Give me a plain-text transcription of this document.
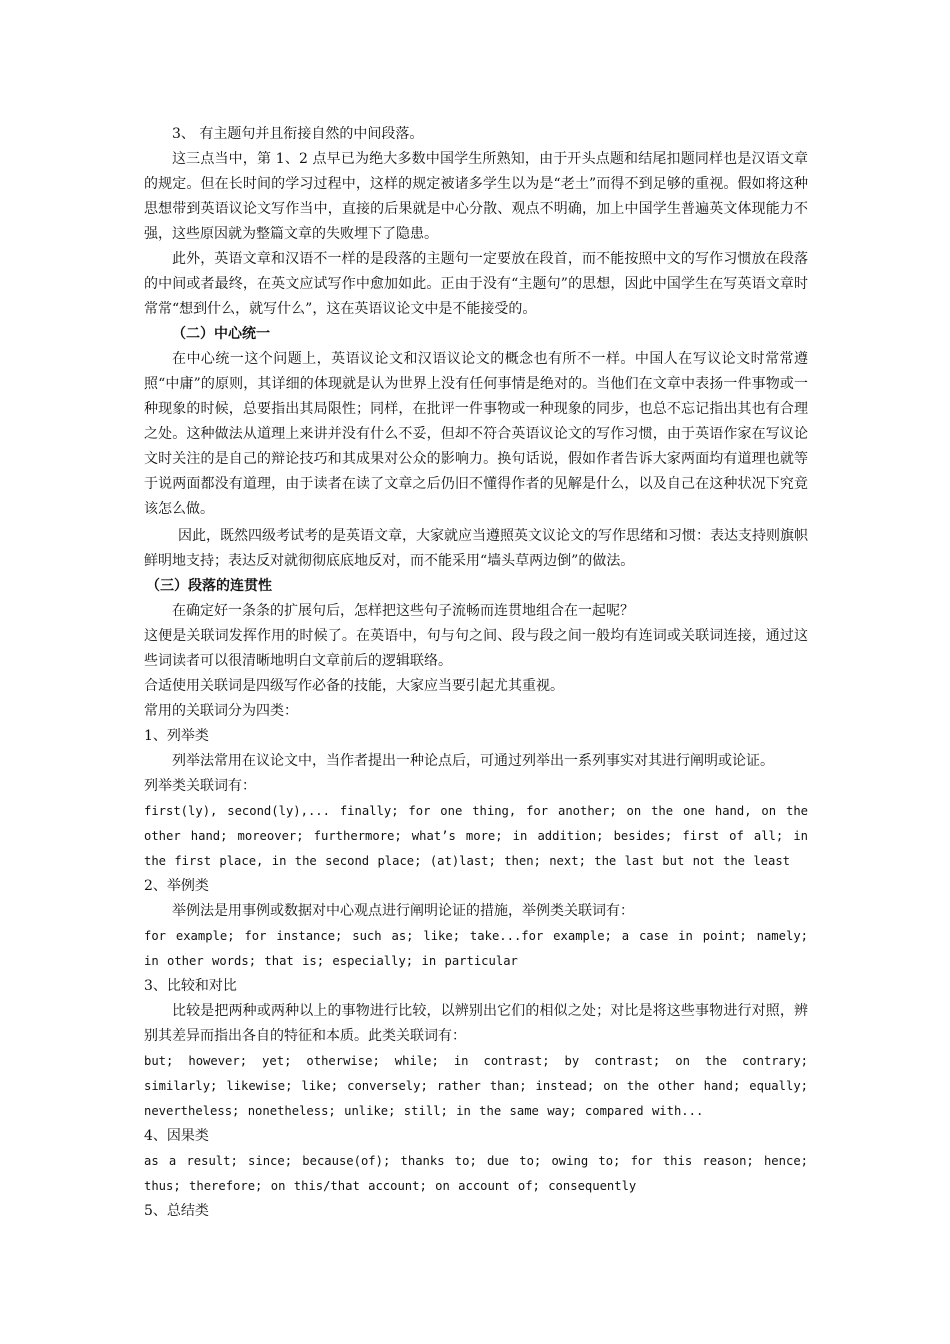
3、 有主题句并且衔接自然的中间段落。

这三点当中，第 1、2 点早已为绝大多数中国学生所熟知，由于开头点题和结尾扣题同样也是汉语文章的规定。但在长时间的学习过程中，这样的规定被诸多学生以为是“老土”而得不到足够的重视。假如将这种思想带到英语议论文写作当中，直接的后果就是中心分散、观点不明确，加上中国学生普遍英文体现能力不强，这些原因就为整篇文章的失败埋下了隐患。

此外，英语文章和汉语不一样的是段落的主题句一定要放在段首，而不能按照中文的写作习惯放在段落的中间或者最终，在英文应试写作中愈加如此。正由于没有“主题句”的思想，因此中国学生在写英语文章时常常“想到什么，就写什么”，这在英语议论文中是不能接受的。

（二）中心统一

在中心统一这个问题上，英语议论文和汉语议论文的概念也有所不一样。中国人在写议论文时常常遵照“中庸”的原则，其详细的体现就是认为世界上没有任何事情是绝对的。当他们在文章中表扬一件事物或一种现象的时候，总要指出其局限性；同样，在批评一件事物或一种现象的同步，也总不忘记指出其也有合理之处。这种做法从道理上来讲并没有什么不妥，但却不符合英语议论文的写作习惯，由于英语作家在写议论文时关注的是自己的辩论技巧和其成果对公众的影响力。换句话说，假如作者告诉大家两面均有道理也就等于说两面都没有道理，由于读者在读了文章之后仍旧不懂得作者的见解是什么，以及自己在这种状况下究竟该怎么做。

因此，既然四级考试考的是英语文章，大家就应当遵照英文议论文的写作思绪和习惯：表达支持则旗帜鲜明地支持；表达反对就彻彻底底地反对，而不能采用“墙头草两边倒”的做法。

（三）段落的连贯性

在确定好一条条的扩展句后，怎样把这些句子流畅而连贯地组合在一起呢？

这便是关联词发挥作用的时候了。在英语中，句与句之间、段与段之间一般均有连词或关联词连接，通过这些词读者可以很清晰地明白文章前后的逻辑联络。

合适使用关联词是四级写作必备的技能，大家应当要引起尤其重视。

常用的关联词分为四类：

1、列举类

列举法常用在议论文中，当作者提出一种论点后，可通过列举出一系列事实对其进行阐明或论证。

列举类关联词有：

first(ly), second(ly),... finally; for one thing, for another; on the one hand, on the other hand; moreover; furthermore; what’s more; in addition; besides; first of all; in the first place, in the second place; (at)last; then; next; the last but not the least

2、举例类

举例法是用事例或数据对中心观点进行阐明论证的措施，举例类关联词有：

for example; for instance; such as; like; take...for example; a case in point; namely; in other words; that is; especially; in particular

3、比较和对比

比较是把两种或两种以上的事物进行比较，以辨别出它们的相似之处；对比是将这些事物进行对照，辨别其差异而指出各自的特征和本质。此类关联词有：

but; however; yet; otherwise; while; in contrast; by contrast; on the contrary; similarly; likewise; like; conversely; rather than; instead; on the other hand; equally; nevertheless; nonetheless; unlike; still; in the same way; compared with...

4、因果类

as a result; since; because(of); thanks to; due to; owing to; for this reason; hence; thus; therefore; on this/that account; on account of; consequently

5、总结类
